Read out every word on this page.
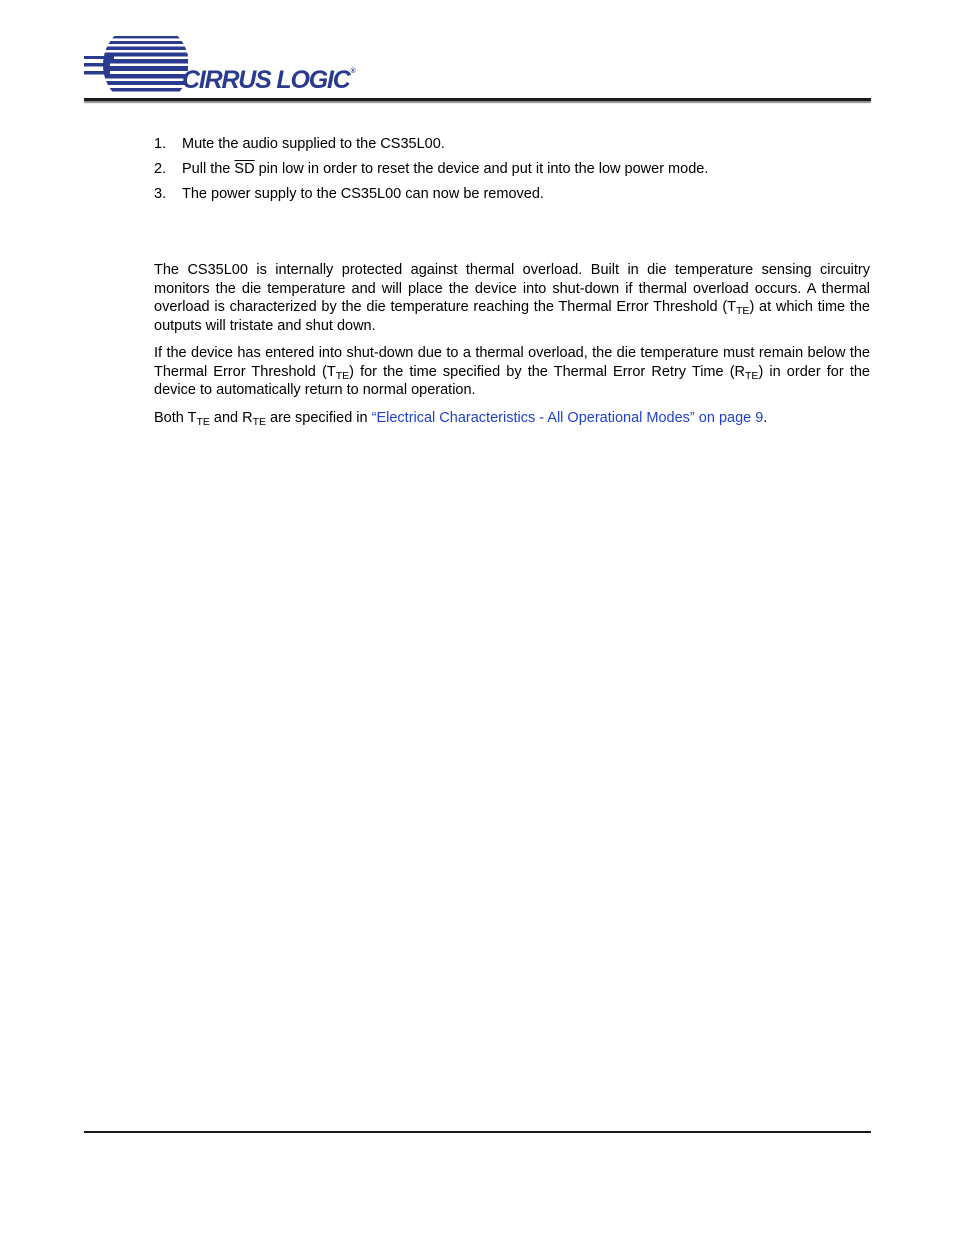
CIRRUS LOGIC®
1. Mute the audio supplied to the CS35L00.
2. Pull the $\overline{SD}$ pin low in order to reset the device and put it into the low power mode.
3. The power supply to the CS35L00 can now be removed.

The CS35L00 is internally protected against thermal overload. Built in die temperature sensing circuitry monitors the die temperature and will place the device into shut-down if thermal overload occurs. A thermal overload is characterized by the die temperature reaching the Thermal Error Threshold $(T_{TE})$ at which time the outputs will tristate and shut down.

If the device has entered into shut-down due to a thermal overload, the die temperature must remain below the Thermal Error Threshold $(T_{TE})$ for the time specified by the Thermal Error Retry Time $(R_{TE})$ in order for the device to automatically return to normal operation.

Both $T_{TE}$ and $R_{TE}$ are specified in “Electrical Characteristics - All Operational Modes” on page 9.
